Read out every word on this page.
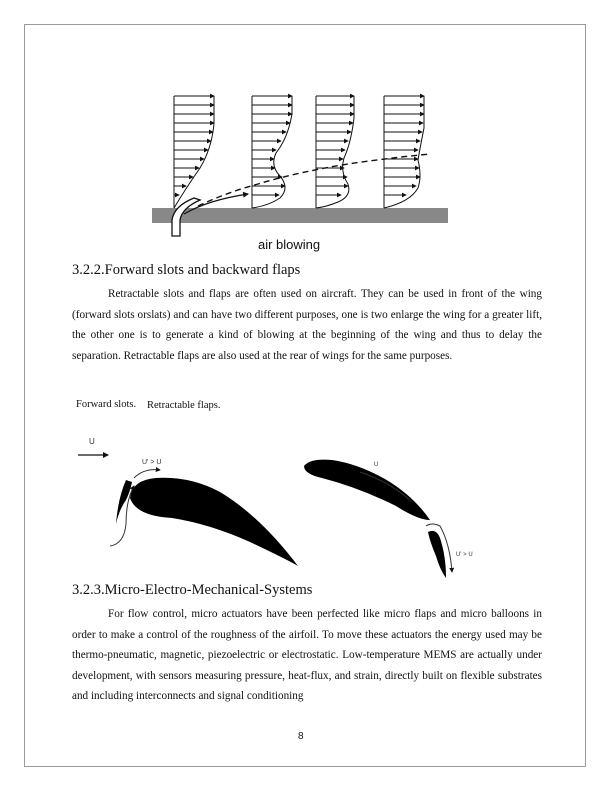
air blowing
3.2.2.Forward slots and backward flaps
Retractable slots and flaps are often used on aircraft. They can be used in front of the wing (forward slots orslats) and can have two different purposes, one is two enlarge the wing for a greater lift, the other one is to generate a kind of blowing at the beginning of the wing and thus to delay the separation. Retractable flaps are also used at the rear of wings for the same purposes.
Forward slots. Retractable flaps.
U
U' > U	U
U' > U
3.2.3.Micro-Electro-Mechanical-Systems
For flow control, micro actuators have been perfected like micro flaps and micro balloons in order to make a control of the roughness of the airfoil. To move these actuators the energy used may be thermo-pneumatic, magnetic, piezoelectric or electrostatic. Low-temperature MEMS are actually under development, with sensors measuring pressure, heat-flux, and strain, directly built on flexible substrates and including interconnects and signal conditioning
8
